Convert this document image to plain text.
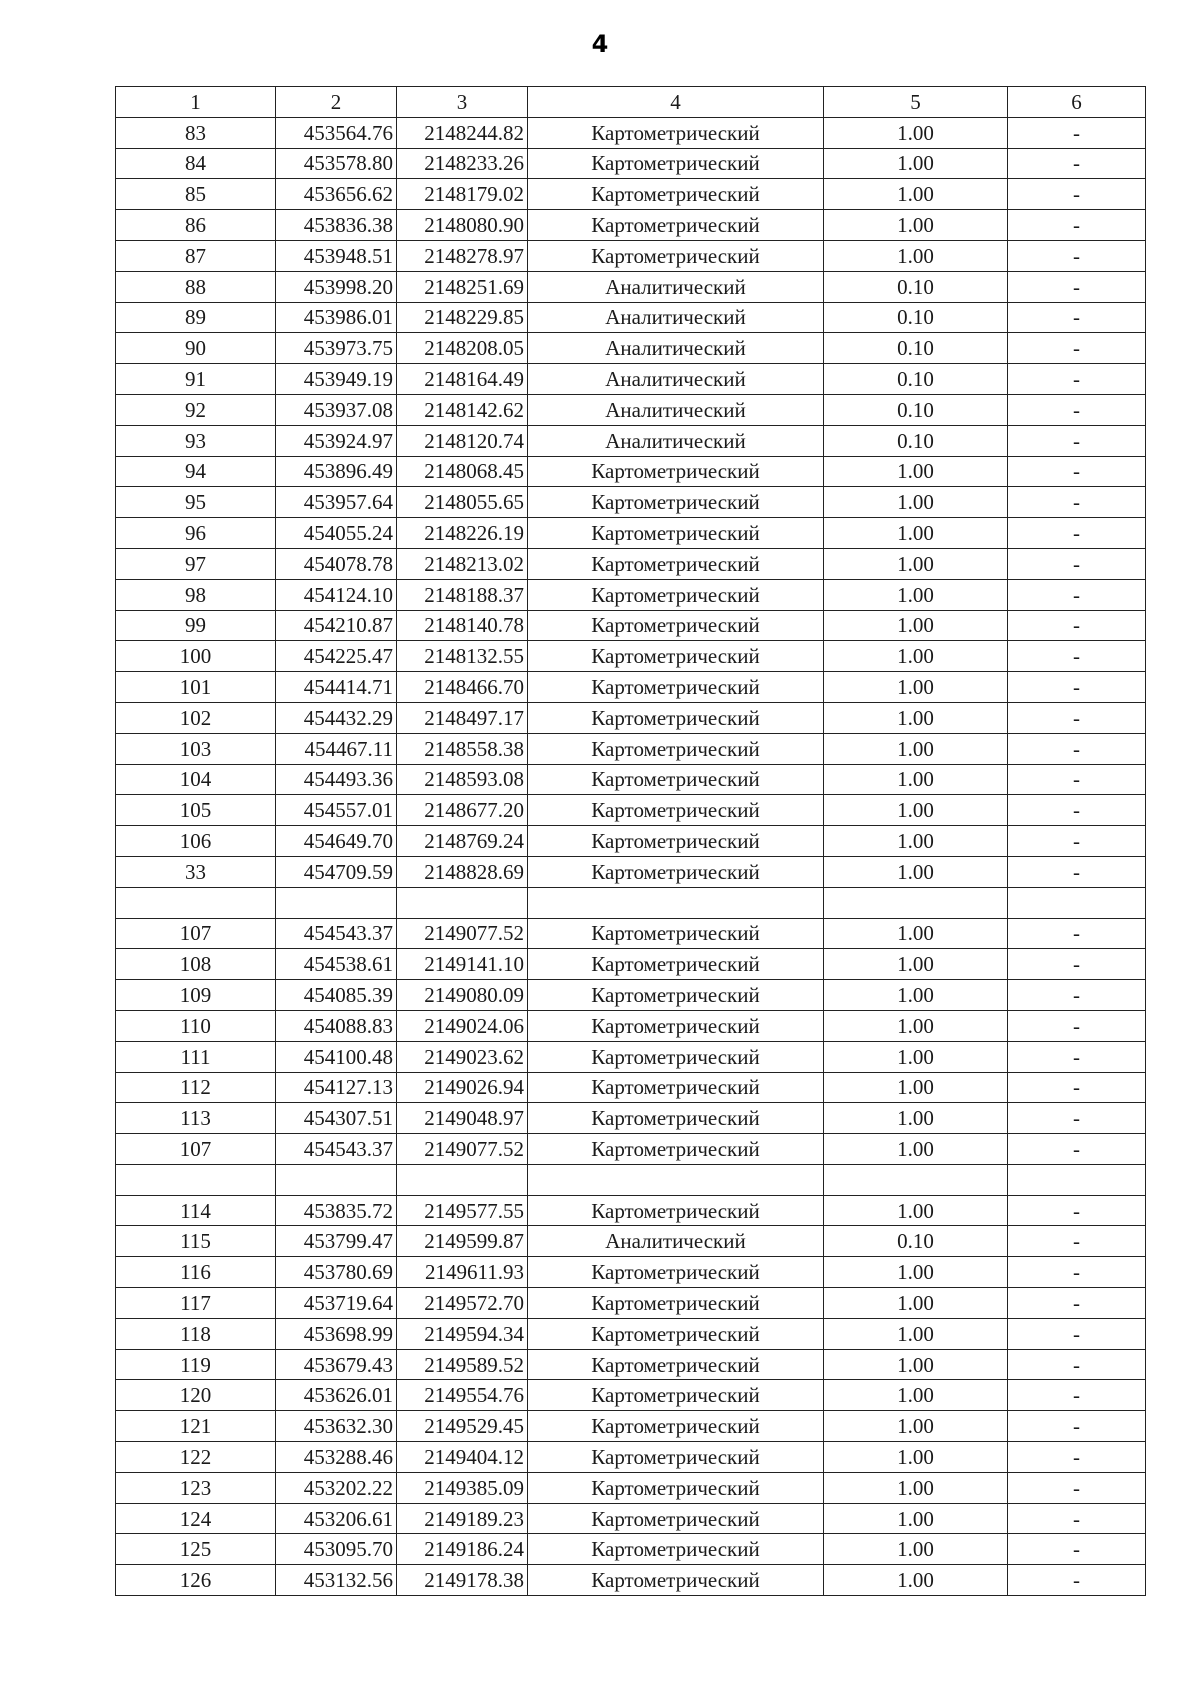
4
1	2	3	4	5	6
83	453564.76	2148244.82	Картометрический	1.00	-
84	453578.80	2148233.26	Картометрический	1.00	-
85	453656.62	2148179.02	Картометрический	1.00	-
86	453836.38	2148080.90	Картометрический	1.00	-
87	453948.51	2148278.97	Картометрический	1.00	-
88	453998.20	2148251.69	Аналитический	0.10	-
89	453986.01	2148229.85	Аналитический	0.10	-
90	453973.75	2148208.05	Аналитический	0.10	-
91	453949.19	2148164.49	Аналитический	0.10	-
92	453937.08	2148142.62	Аналитический	0.10	-
93	453924.97	2148120.74	Аналитический	0.10	-
94	453896.49	2148068.45	Картометрический	1.00	-
95	453957.64	2148055.65	Картометрический	1.00	-
96	454055.24	2148226.19	Картометрический	1.00	-
97	454078.78	2148213.02	Картометрический	1.00	-
98	454124.10	2148188.37	Картометрический	1.00	-
99	454210.87	2148140.78	Картометрический	1.00	-
100	454225.47	2148132.55	Картометрический	1.00	-
101	454414.71	2148466.70	Картометрический	1.00	-
102	454432.29	2148497.17	Картометрический	1.00	-
103	454467.11	2148558.38	Картометрический	1.00	-
104	454493.36	2148593.08	Картометрический	1.00	-
105	454557.01	2148677.20	Картометрический	1.00	-
106	454649.70	2148769.24	Картометрический	1.00	-
33	454709.59	2148828.69	Картометрический	1.00	-

107	454543.37	2149077.52	Картометрический	1.00	-
108	454538.61	2149141.10	Картометрический	1.00	-
109	454085.39	2149080.09	Картометрический	1.00	-
110	454088.83	2149024.06	Картометрический	1.00	-
111	454100.48	2149023.62	Картометрический	1.00	-
112	454127.13	2149026.94	Картометрический	1.00	-
113	454307.51	2149048.97	Картометрический	1.00	-
107	454543.37	2149077.52	Картометрический	1.00	-

114	453835.72	2149577.55	Картометрический	1.00	-
115	453799.47	2149599.87	Аналитический	0.10	-
116	453780.69	2149611.93	Картометрический	1.00	-
117	453719.64	2149572.70	Картометрический	1.00	-
118	453698.99	2149594.34	Картометрический	1.00	-
119	453679.43	2149589.52	Картометрический	1.00	-
120	453626.01	2149554.76	Картометрический	1.00	-
121	453632.30	2149529.45	Картометрический	1.00	-
122	453288.46	2149404.12	Картометрический	1.00	-
123	453202.22	2149385.09	Картометрический	1.00	-
124	453206.61	2149189.23	Картометрический	1.00	-
125	453095.70	2149186.24	Картометрический	1.00	-
126	453132.56	2149178.38	Картометрический	1.00	-
